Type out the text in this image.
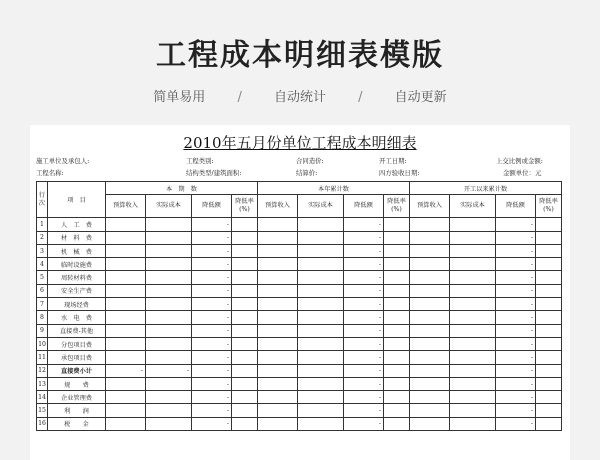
工程成本明细表模版
简单易用 / 自动统计 / 自动更新
2010年五月份单位工程成本明细表
施工单位及承包人:	工程类别:	合同造价:	开工日期:	上交比例或金额:
工程名称:	结构类型/建筑面积:	结算价:	四方验收日期:	金额单位：元
行次	项　目	本　期　数				本年累计数				开工以来累计数			
		预算收入	实际成本	降低额	降低率(%)	预算收入	实际成本	降低额	降低率(%)	预算收入	实际成本	降低额	降低率(%)
1	人　工　费			-				-				-	
2	材　料　费			-				-				-	
3	机　械　费			-				-				-	
4	临时设施费			-				-				-	
5	周转材料费			-				-				-	
6	安全生产费			-				-				-	
7	现场经费			-				-				-	
8	水　电　费			-				-				-	
9	直接费-其他			-				-				-	
10	分包项目费			-				-				-	
11	承包项目费			-				-				-	
12	直接费小计	-	-	-				-				-	
13	规　　费			-				-				-	
14	企业管理费			-				-				-	
15	利　　润			-				-				-	
16	税　　金			-				-				-	
